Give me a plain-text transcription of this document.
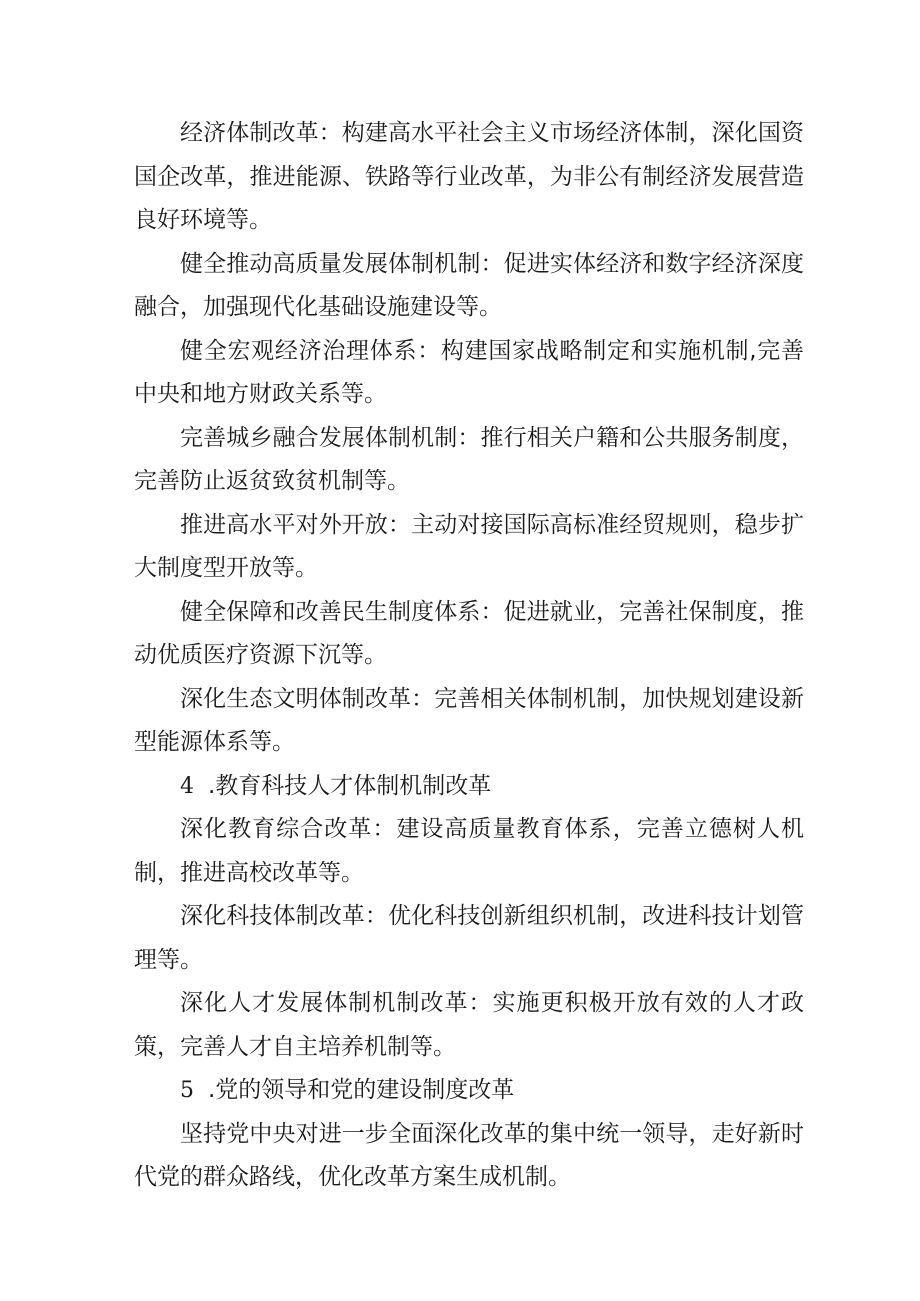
经济体制改革：构建高水平社会主义市场经济体制，深化国资国企改革，推进能源、铁路等行业改革，为非公有制经济发展营造良好环境等。

健全推动高质量发展体制机制：促进实体经济和数字经济深度融合，加强现代化基础设施建设等。

健全宏观经济治理体系：构建国家战略制定和实施机制,完善中央和地方财政关系等。

完善城乡融合发展体制机制：推行相关户籍和公共服务制度，完善防止返贫致贫机制等。

推进高水平对外开放：主动对接国际高标准经贸规则，稳步扩大制度型开放等。

健全保障和改善民生制度体系：促进就业，完善社保制度，推动优质医疗资源下沉等。

深化生态文明体制改革：完善相关体制机制，加快规划建设新型能源体系等。

4 .教育科技人才体制机制改革

深化教育综合改革：建设高质量教育体系，完善立德树人机制，推进高校改革等。

深化科技体制改革：优化科技创新组织机制，改进科技计划管理等。

深化人才发展体制机制改革：实施更积极开放有效的人才政策，完善人才自主培养机制等。

5 .党的领导和党的建设制度改革

坚持党中央对进一步全面深化改革的集中统一领导，走好新时代党的群众路线，优化改革方案生成机制。
